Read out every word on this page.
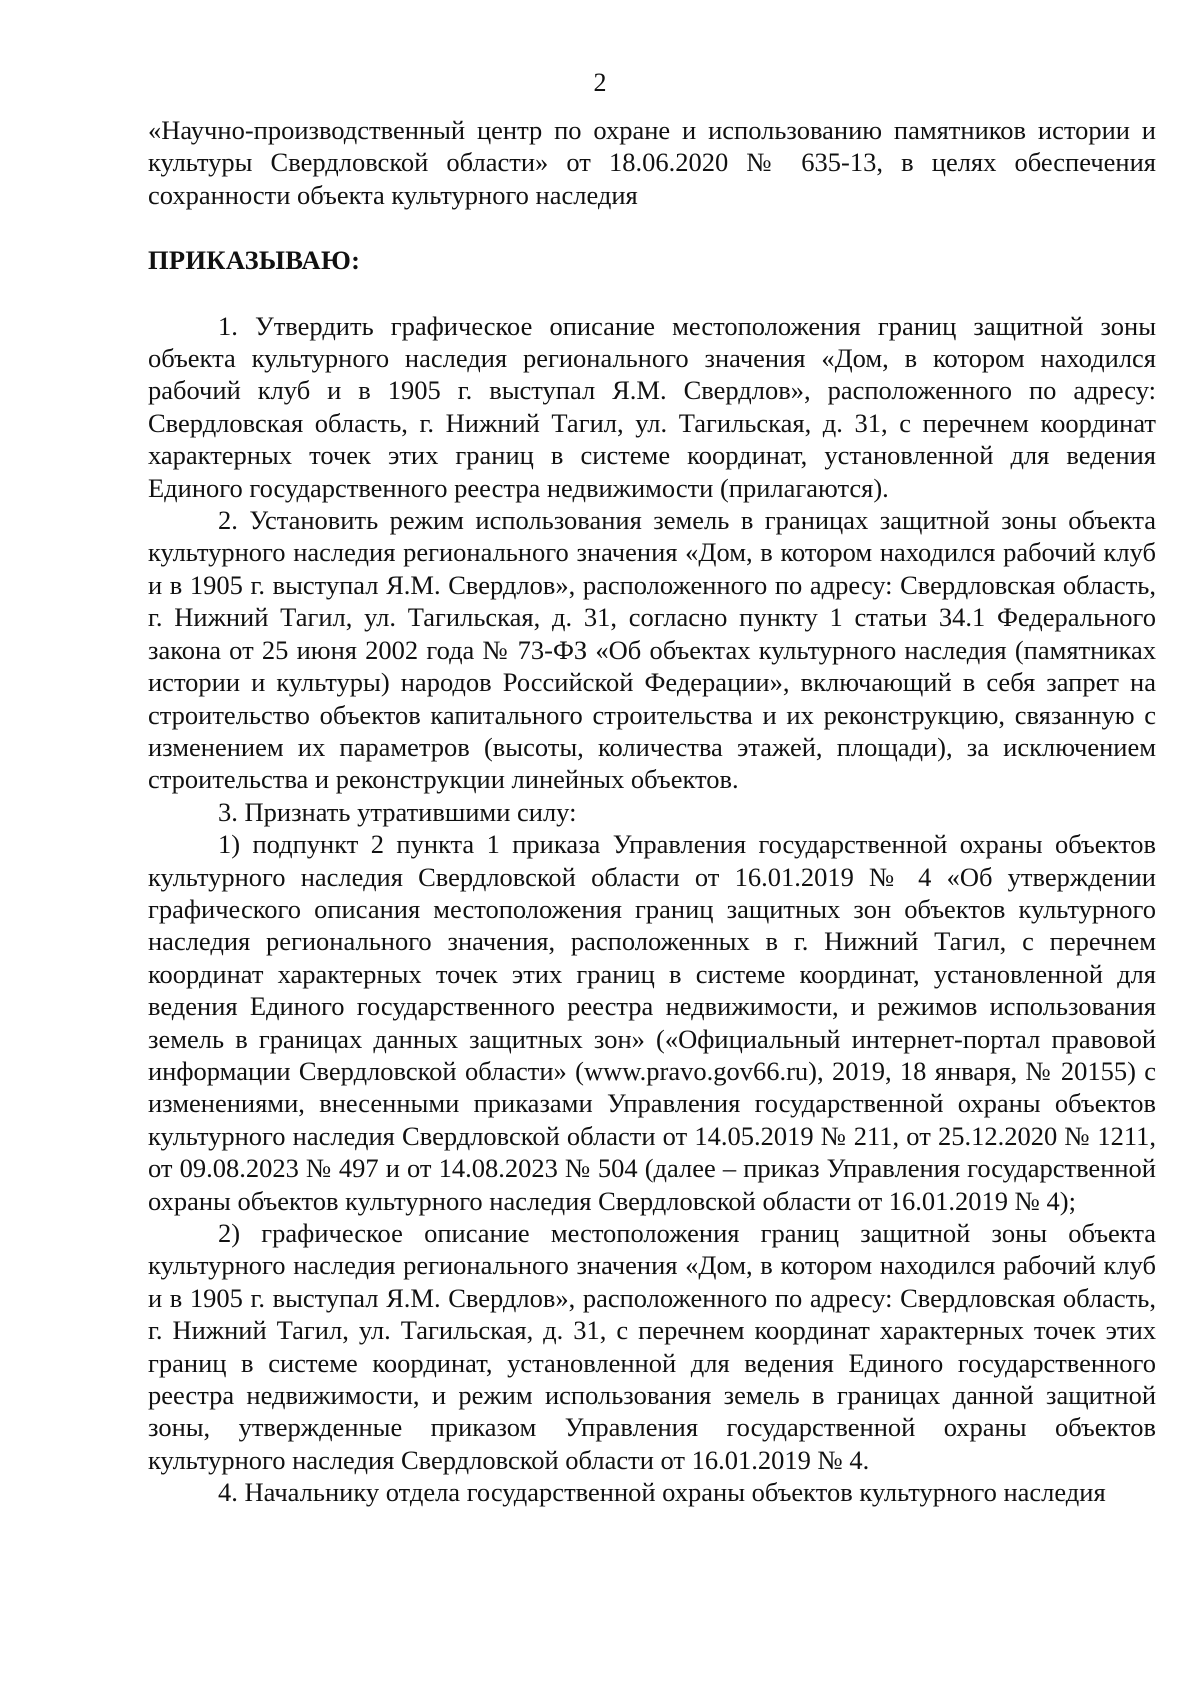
2

«Научно-производственный центр по охране и использованию памятников истории и культуры Свердловской области» от 18.06.2020 № 635-13, в целях обеспечения сохранности объекта культурного наследия

ПРИКАЗЫВАЮ:

1. Утвердить графическое описание местоположения границ защитной зоны объекта культурного наследия регионального значения «Дом, в котором находился рабочий клуб и в 1905 г. выступал Я.М. Свердлов», расположенного по адресу: Свердловская область, г. Нижний Тагил, ул. Тагильская, д. 31, с перечнем координат характерных точек этих границ в системе координат, установленной для ведения Единого государственного реестра недвижимости (прилагаются).

2. Установить режим использования земель в границах защитной зоны объекта культурного наследия регионального значения «Дом, в котором находился рабочий клуб и в 1905 г. выступал Я.М. Свердлов», расположенного по адресу: Свердловская область, г. Нижний Тагил, ул. Тагильская, д. 31, согласно пункту 1 статьи 34.1 Федерального закона от 25 июня 2002 года № 73-ФЗ «Об объектах культурного наследия (памятниках истории и культуры) народов Российской Федерации», включающий в себя запрет на строительство объектов капитального строительства и их реконструкцию, связанную с изменением их параметров (высоты, количества этажей, площади), за исключением строительства и реконструкции линейных объектов.

3. Признать утратившими силу:

1) подпункт 2 пункта 1 приказа Управления государственной охраны объектов культурного наследия Свердловской области от 16.01.2019 № 4 «Об утверждении графического описания местоположения границ защитных зон объектов культурного наследия регионального значения, расположенных в г. Нижний Тагил, с перечнем координат характерных точек этих границ в системе координат, установленной для ведения Единого государственного реестра недвижимости, и режимов использования земель в границах данных защитных зон» («Официальный интернет-портал правовой информации Свердловской области» (www.pravo.gov66.ru), 2019, 18 января, № 20155) с изменениями, внесенными приказами Управления государственной охраны объектов культурного наследия Свердловской области от 14.05.2019 № 211, от 25.12.2020 № 1211, от 09.08.2023 № 497 и от 14.08.2023 № 504 (далее – приказ Управления государственной охраны объектов культурного наследия Свердловской области от 16.01.2019 № 4);

2) графическое описание местоположения границ защитной зоны объекта культурного наследия регионального значения «Дом, в котором находился рабочий клуб и в 1905 г. выступал Я.М. Свердлов», расположенного по адресу: Свердловская область, г. Нижний Тагил, ул. Тагильская, д. 31, с перечнем координат характерных точек этих границ в системе координат, установленной для ведения Единого государственного реестра недвижимости, и режим использования земель в границах данной защитной зоны, утвержденные приказом Управления государственной охраны объектов культурного наследия Свердловской области от 16.01.2019 № 4.

4. Начальнику отдела государственной охраны объектов культурного наследия
